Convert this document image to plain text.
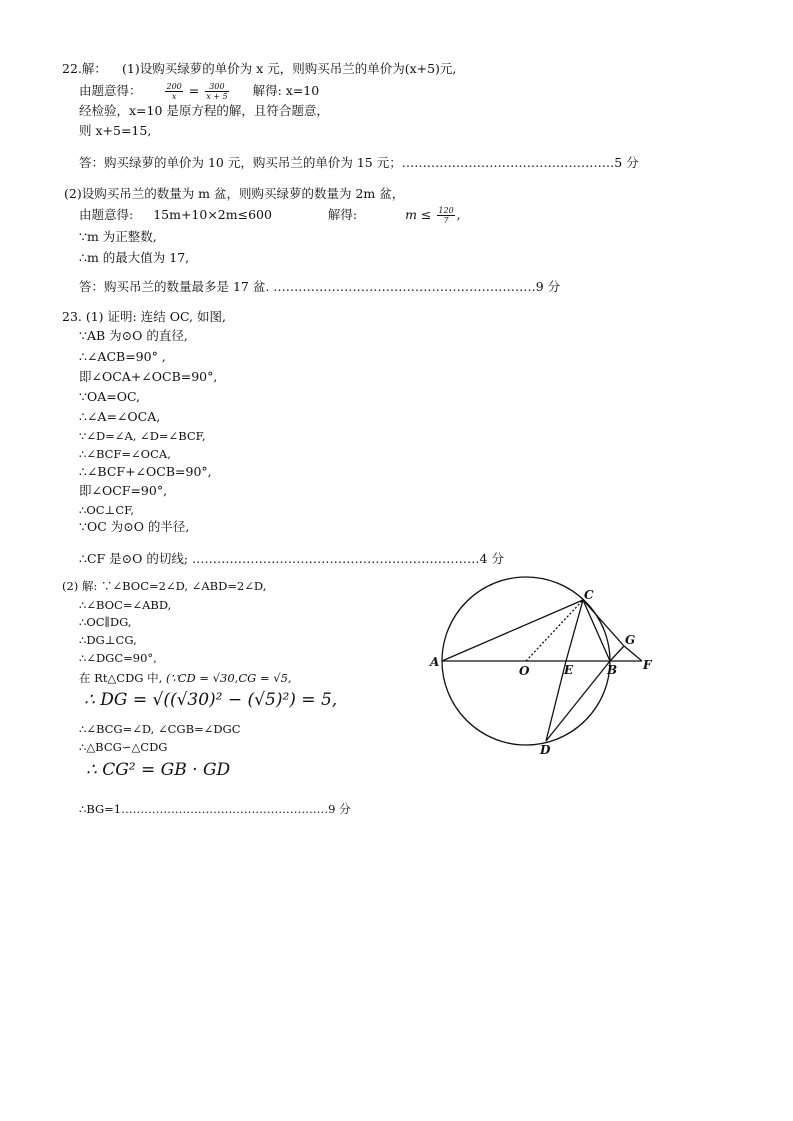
22.解： (1)设购买绿萝的单价为 x 元，则购买吊兰的单价为(x+5)元,
由题意得：	$\frac{200}{x} = \frac{300}{x + 5}$ 解得: x=10
经检验，x=10 是原方程的解，且符合题意，
则 x+5=15,
答：购买绿萝的单价为 10 元，购买吊兰的单价为 15 元；……………………………………………5 分
(2)设购买吊兰的数量为 m 盆，则购买绿萝的数量为 2m 盆，
由题意得: 15m+10×2m≤600	解得:	$m \le \frac{120}{7}$ ,
∵m 为正整数,
∴m 的最大值为 17,
答：购买吊兰的数量最多是 17 盆. ………………………………………………………9 分
23. (1) 证明: 连结 OC, 如图,
∵AB 为⊙O 的直径,
∴∠ACB=90° ,
即∠OCA+∠OCB=90°,
∵OA=OC,
∴∠A=∠OCA,
∵∠D=∠A, ∠D=∠BCF,
∴∠BCF=∠OCA,
∴∠BCF+∠OCB=90°,
即∠OCF=90°,
∴OC⊥CF,
∵OC 为⊙O 的半径,
∴CF 是⊙O 的切线; ……………………………………………………………4 分
(2) 解: ∵∠BOC=2∠D, ∠ABD=2∠D,
∴∠BOC=∠ABD,
∴OC∥DG,
∴DG⊥CG,
∴∠DGC=90°,
在 Rt△CDG 中, (∵CD = √30,CG = √5,
∴ DG = √((√30)² − (√5)²) = 5,
∴∠BCG=∠D, ∠CGB=∠DGC
∴△BCG∽△CDG
∴ CG² = GB · GD
∴BG=1………………………………………………9 分
A
O	E	B F
C
G
D
